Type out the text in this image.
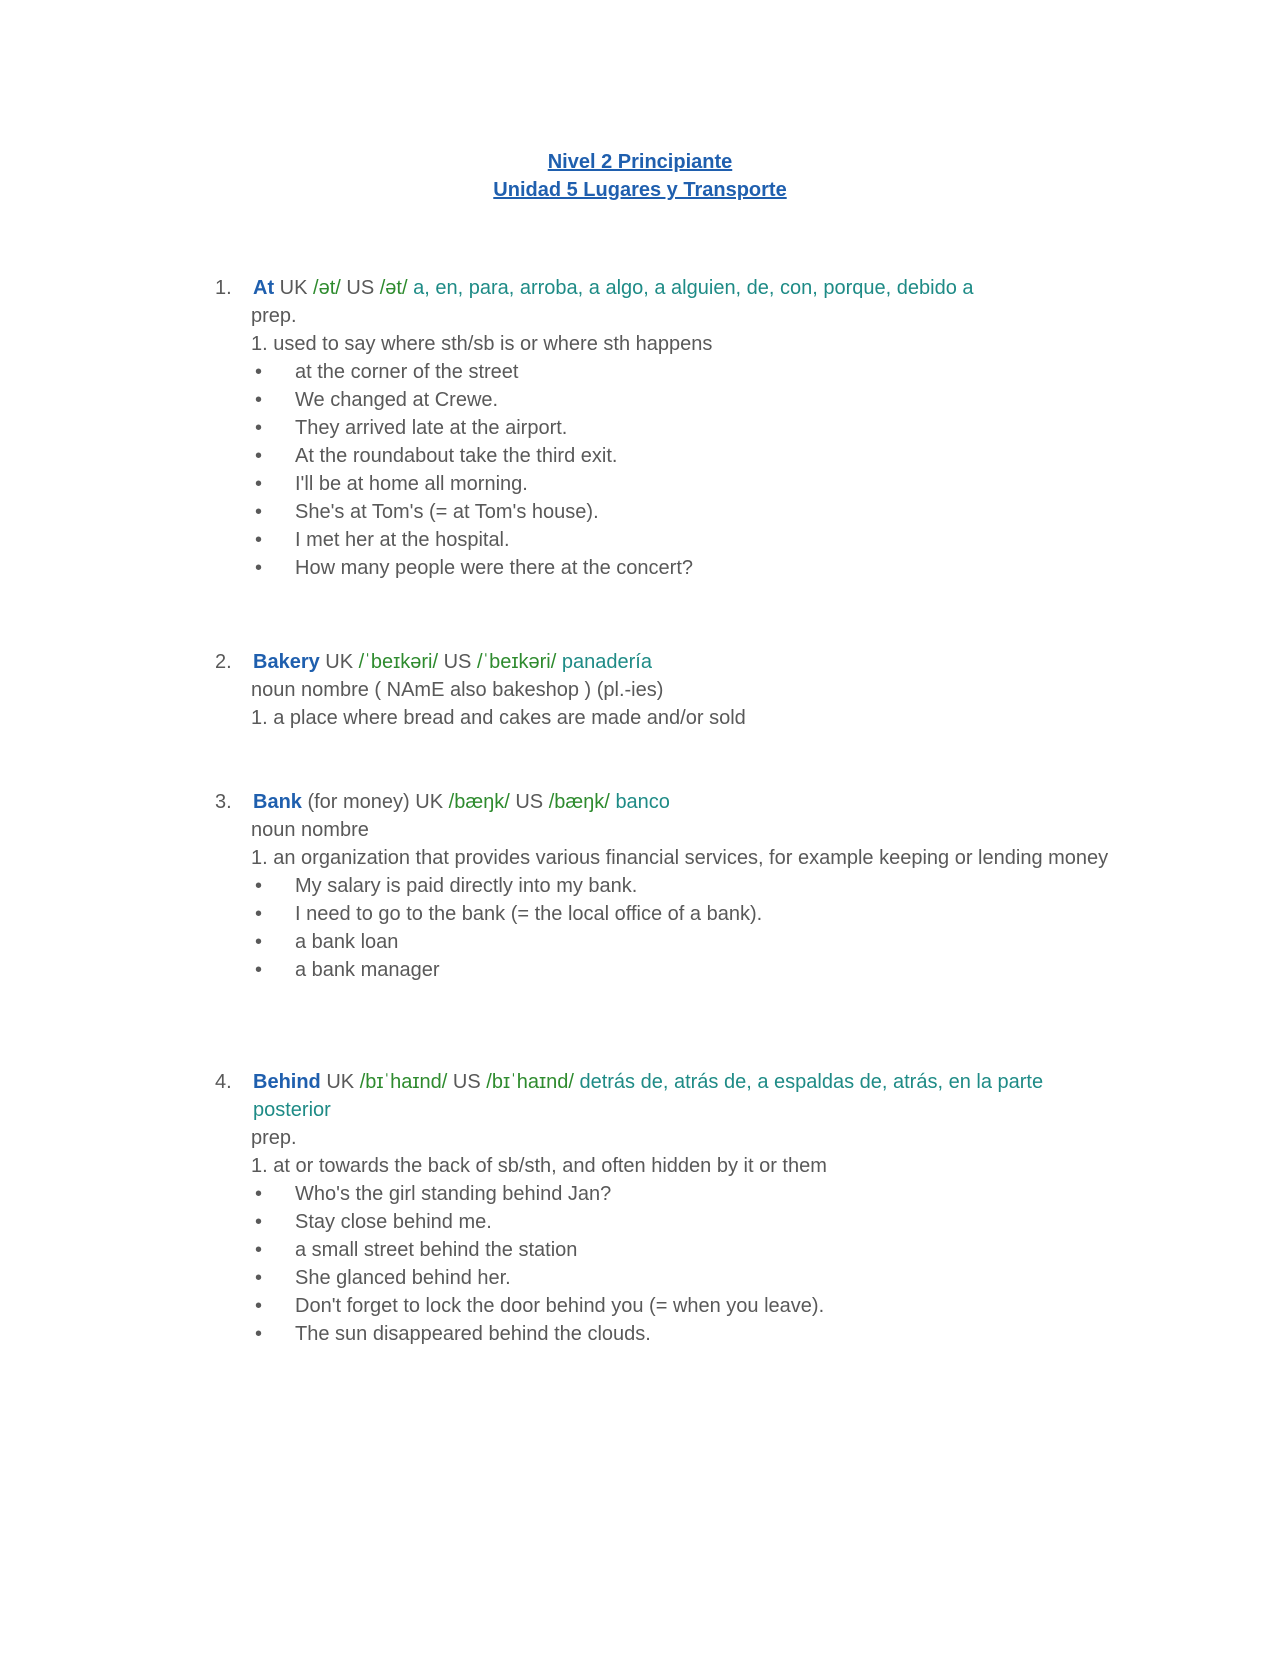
Nivel 2 Principiante
Unidad 5 Lugares y Transporte
1.	At UK /ət/ US /ət/ a, en, para, arroba, a algo, a alguien, de, con, porque, debido a
prep.
1. used to say where sth/sb is or where sth happens
• at the corner of the street
• We changed at Crewe.
• They arrived late at the airport.
• At the roundabout take the third exit.
• I'll be at home all morning.
• She's at Tom's (= at Tom's house).
• I met her at the hospital.
• How many people were there at the concert?
2.	Bakery UK /ˈbeɪkəri/ US /ˈbeɪkəri/ panadería
noun nombre ( NAmE also bakeshop ) (pl.-ies)
1. a place where bread and cakes are made and/or sold
3.	Bank (for money) UK /bæŋk/ US /bæŋk/ banco
noun nombre
1. an organization that provides various financial services, for example keeping or lending money
• My salary is paid directly into my bank.
• I need to go to the bank (= the local office of a bank).
• a bank loan
• a bank manager
4.	Behind UK /bɪˈhaɪnd/ US /bɪˈhaɪnd/ detrás de, atrás de, a espaldas de, atrás, en la parte posterior
prep.
1. at or towards the back of sb/sth, and often hidden by it or them
• Who's the girl standing behind Jan?
• Stay close behind me.
• a small street behind the station
• She glanced behind her.
• Don't forget to lock the door behind you (= when you leave).
• The sun disappeared behind the clouds.
